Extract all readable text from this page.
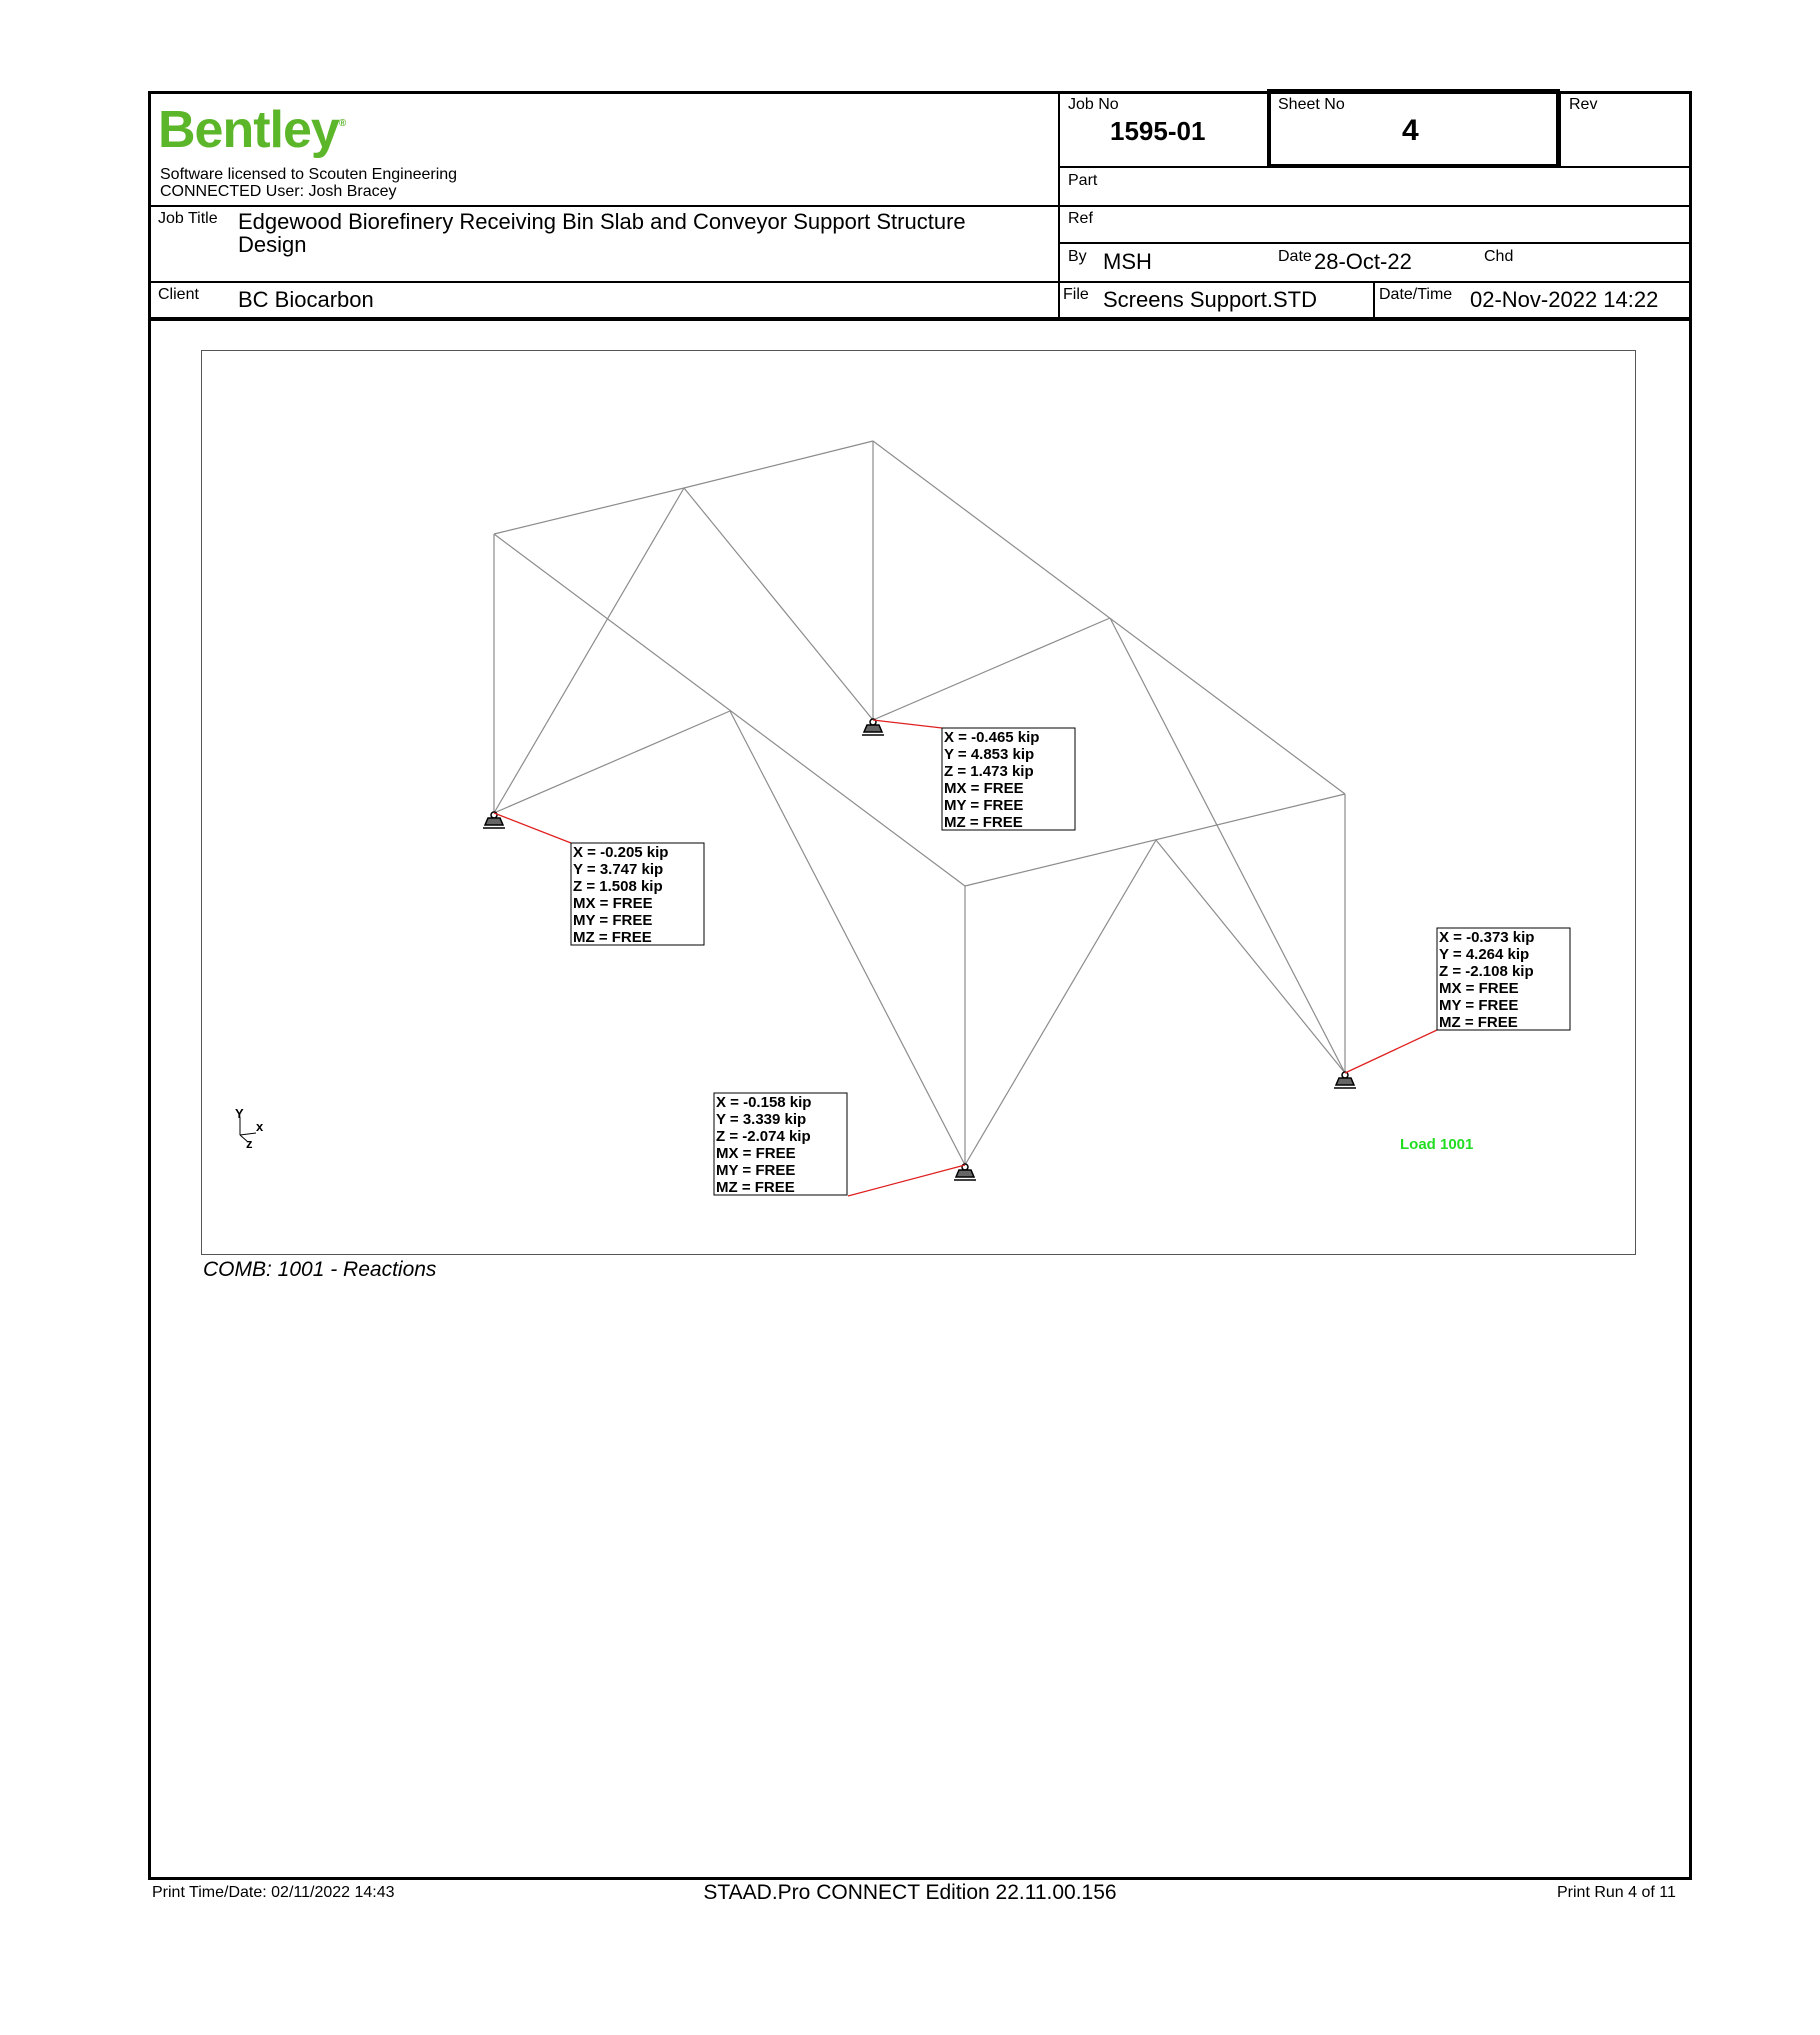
Bentley®
Software licensed to Scouten Engineering
CONNECTED User: Josh Bracey
Job No
1595-01
Sheet No
4
Rev
Part
Ref
By MSH	Date 28-Oct-22	Chd
Job Title Edgewood Biorefinery Receiving Bin Slab and Conveyor Support Structure
Design
Client BC Biocarbon	File Screens Support.STD	Date/Time 02-Nov-2022 14:22
X = -0.205 kip
Y = 3.747 kip
Z = 1.508 kip
MX = FREE
MY = FREE
MZ = FREE
X = -0.465 kip
Y = 4.853 kip
Z = 1.473 kip
MX = FREE
MY = FREE
MZ = FREE
X = -0.158 kip
Y = 3.339 kip
Z = -2.074 kip
MX = FREE
MY = FREE
MZ = FREE
X = -0.373 kip
Y = 4.264 kip
Z = -2.108 kip
MX = FREE
MY = FREE
MZ = FREE
Y
x
z	Load 1001
COMB: 1001 - Reactions
Print Time/Date: 02/11/2022 14:43	STAAD.Pro CONNECT Edition 22.11.00.156	Print Run 4 of 11
